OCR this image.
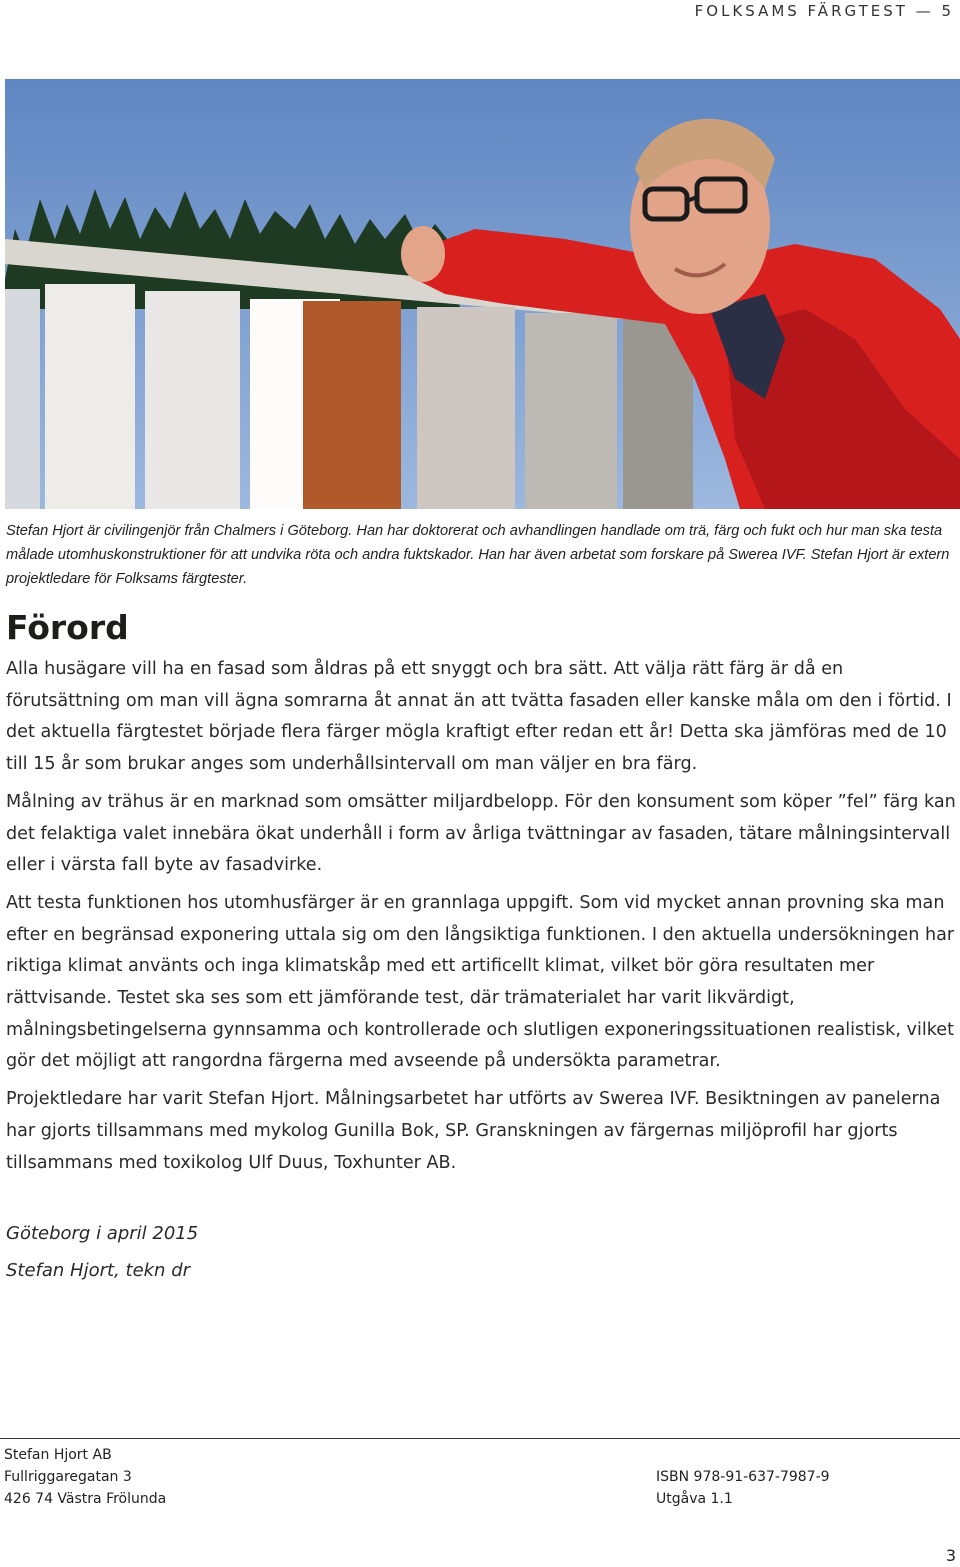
FOLKSAMS FÄRGTEST — 5

Stefan Hjort är civilingenjör från Chalmers i Göteborg. Han har doktorerat och avhandlingen handlade om trä, färg och fukt och hur man ska testa målade utomhuskonstruktioner för att undvika röta och andra fuktskador. Han har även arbetat som forskare på Swerea IVF. Stefan Hjort är extern projektledare för Folksams färgtester.

Förord

Alla husägare vill ha en fasad som åldras på ett snyggt och bra sätt. Att välja rätt färg är då en förutsättning om man vill ägna somrarna åt annat än att tvätta fasaden eller kanske måla om den i förtid. I det aktuella färgtestet började flera färger mögla kraftigt efter redan ett år! Detta ska jämföras med de 10 till 15 år som brukar anges som underhållsintervall om man väljer en bra färg.

Målning av trähus är en marknad som omsätter miljardbelopp. För den konsument som köper ”fel” färg kan det felaktiga valet innebära ökat underhåll i form av årliga tvättningar av fasaden, tätare målningsintervall eller i värsta fall byte av fasadvirke.

Att testa funktionen hos utomhusfärger är en grannlaga uppgift. Som vid mycket annan provning ska man efter en begränsad exponering uttala sig om den långsiktiga funktionen. I den aktuella undersökningen har riktiga klimat använts och inga klimatskåp med ett artificellt klimat, vilket bör göra resultaten mer rättvisande. Testet ska ses som ett jämförande test, där trämaterialet har varit likvärdigt, målningsbetingelserna gynnsamma och kontrollerade och slutligen exponeringssituationen realistisk, vilket gör det möjligt att rangordna färgerna med avseende på undersökta parametrar.

Projektledare har varit Stefan Hjort. Målningsarbetet har utförts av Swerea IVF. Besiktningen av panelerna har gjorts tillsammans med mykolog Gunilla Bok, SP. Granskningen av färgernas miljöprofil har gjorts tillsammans med toxikolog Ulf Duus, Toxhunter AB.

Göteborg i april 2015

Stefan Hjort, tekn dr

Stefan Hjort AB

Fullriggaregatan 3

426 74 Västra Frölunda

ISBN 978-91-637-7987-9

Utgåva 1.1

3
